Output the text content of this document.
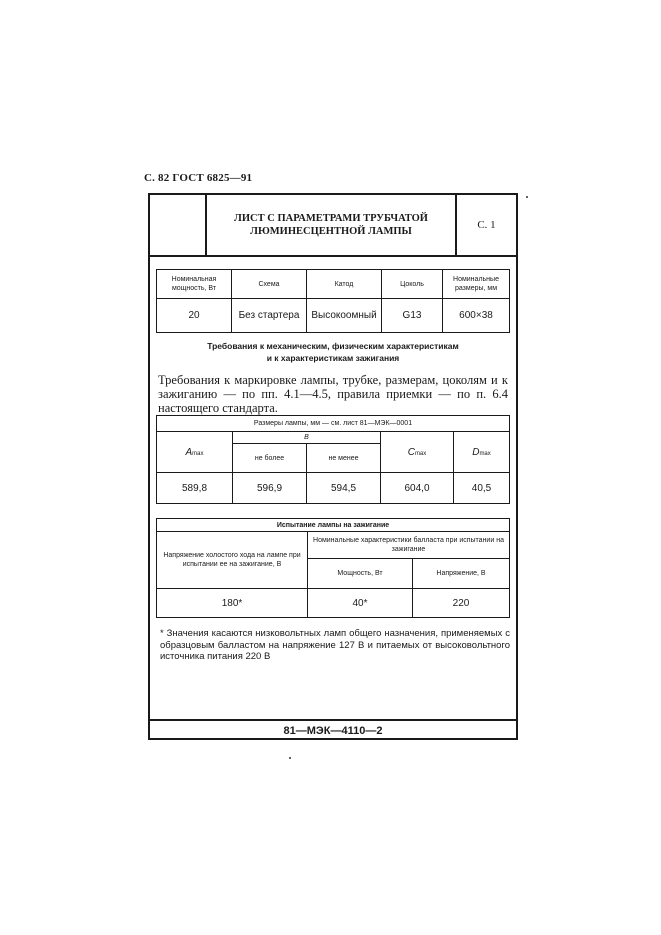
С. 82 ГОСТ 6825—91
ЛИСТ С ПАРАМЕТРАМИ ТРУБЧАТОЙ
ЛЮМИНЕСЦЕНТНОЙ ЛАМПЫ
С. 1
Номинальная мощность, Вт	Схема	Катод	Цоколь	Номинальные размеры, мм
20	Без стартера	Высокоомный	G13	600×38
Требования к механическим, физическим характеристикам
и к характеристикам зажигания
Требования к маркировке лампы, трубке, размерам, цоколям и к зажиганию — по пп. 4.1—4.5, правила приемки — по п. 6.4 настоящего стандарта.
Размеры лампы, мм — см. лист 81—МЭК—0001				
Amax	B		Cmax	Dmax
	не более	не менее		
589,8	596,9	594,5	604,0	40,5
Испытание лампы на зажигание		
Напряжение холостого хода на лампе при испытании ее на зажигание, В	Номинальные характеристики балласта при испытании на зажигание	
	Мощность, Вт	Напряжение, В
180*	40*	220
* Значения касаются низковольтных ламп общего назначения, применяемых с образцовым балластом на напряжение 127 В и питаемых от высоковольтного источника питания 220 В
81—МЭК—4110—2
